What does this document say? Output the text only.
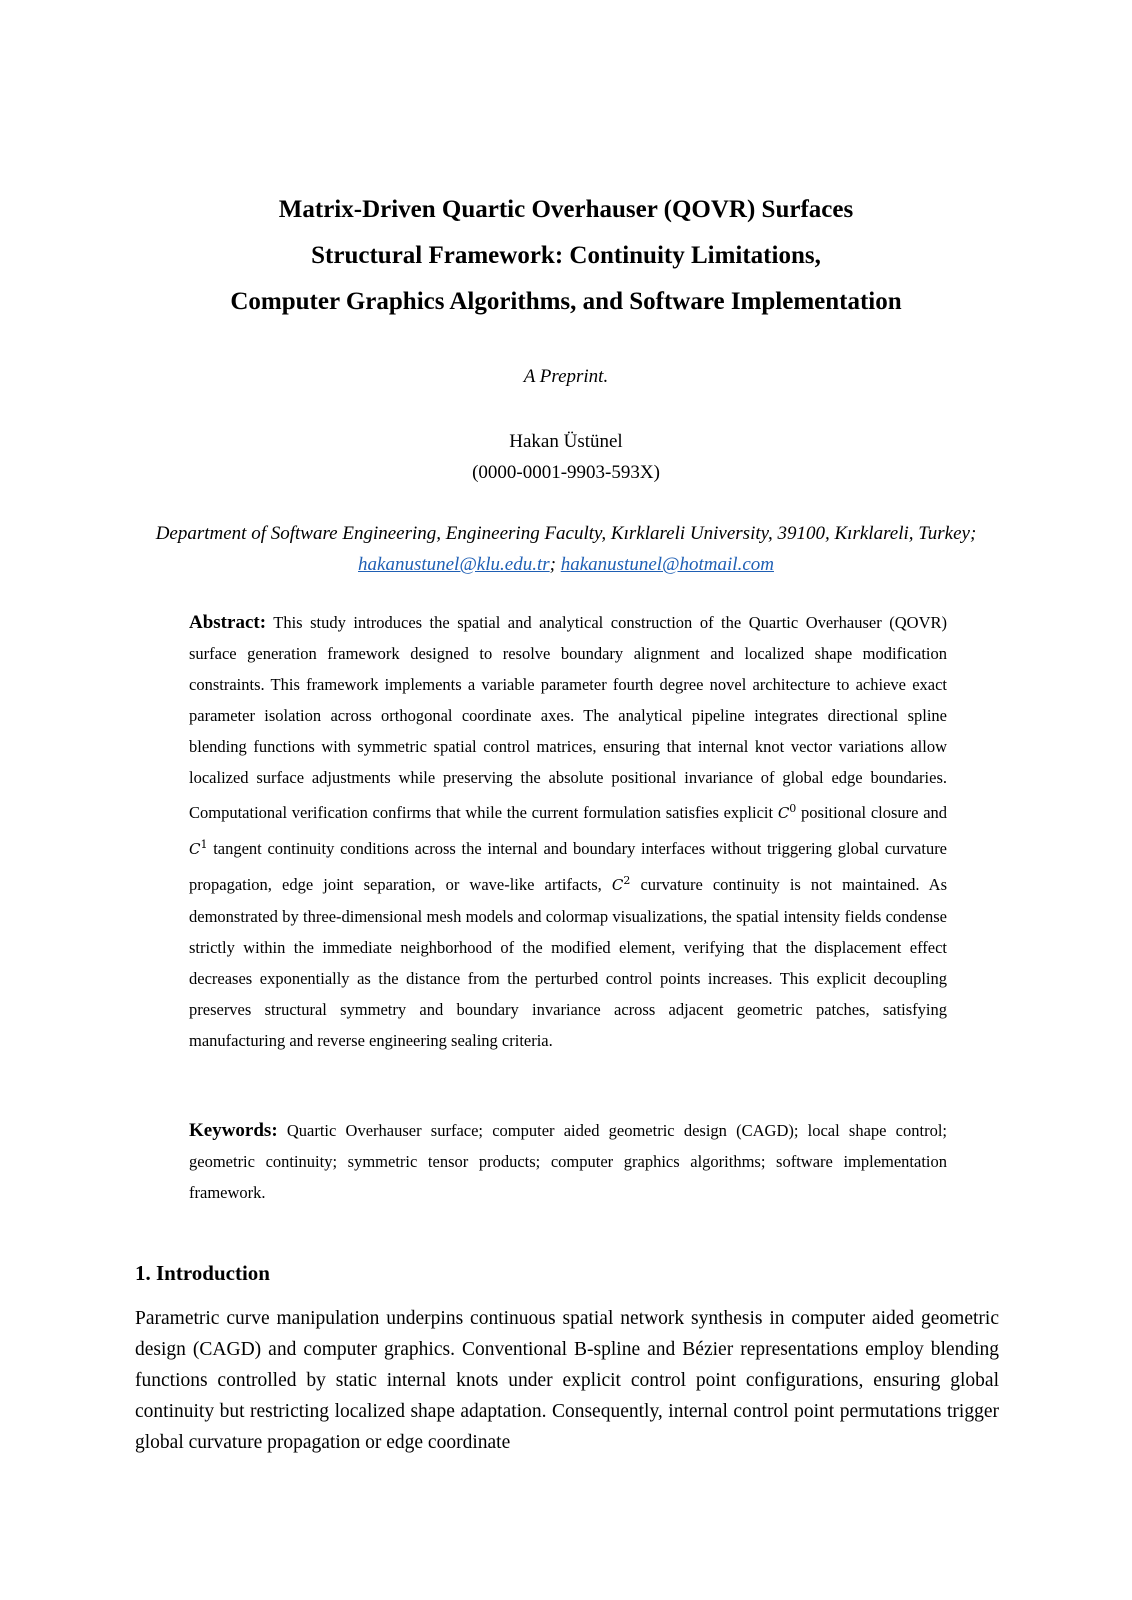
Matrix-Driven Quartic Overhauser (QOVR) Surfaces
Structural Framework: Continuity Limitations,
Computer Graphics Algorithms, and Software Implementation
A Preprint.
Hakan Üstünel
(0000-0001-9903-593X)
Department of Software Engineering, Engineering Faculty, Kırklareli University, 39100, Kırklareli, Turkey; hakanustunel@klu.edu.tr; hakanustunel@hotmail.com
Abstract: This study introduces the spatial and analytical construction of the Quartic Overhauser (QOVR) surface generation framework designed to resolve boundary alignment and localized shape modification constraints. This framework implements a variable parameter fourth degree novel architecture to achieve exact parameter isolation across orthogonal coordinate axes. The analytical pipeline integrates directional spline blending functions with symmetric spatial control matrices, ensuring that internal knot vector variations allow localized surface adjustments while preserving the absolute positional invariance of global edge boundaries. Computational verification confirms that while the current formulation satisfies explicit $C^0$ positional closure and $C^1$ tangent continuity conditions across the internal and boundary interfaces without triggering global curvature propagation, edge joint separation, or wave-like artifacts, $C^2$ curvature continuity is not maintained. As demonstrated by three-dimensional mesh models and colormap visualizations, the spatial intensity fields condense strictly within the immediate neighborhood of the modified element, verifying that the displacement effect decreases exponentially as the distance from the perturbed control points increases. This explicit decoupling preserves structural symmetry and boundary invariance across adjacent geometric patches, satisfying manufacturing and reverse engineering sealing criteria.
Keywords: Quartic Overhauser surface; computer aided geometric design (CAGD); local shape control; geometric continuity; symmetric tensor products; computer graphics algorithms; software implementation framework.
1. Introduction
Parametric curve manipulation underpins continuous spatial network synthesis in computer aided geometric design (CAGD) and computer graphics. Conventional B-spline and Bézier representations employ blending functions controlled by static internal knots under explicit control point configurations, ensuring global continuity but restricting localized shape adaptation. Consequently, internal control point permutations trigger global curvature propagation or edge coordinate
